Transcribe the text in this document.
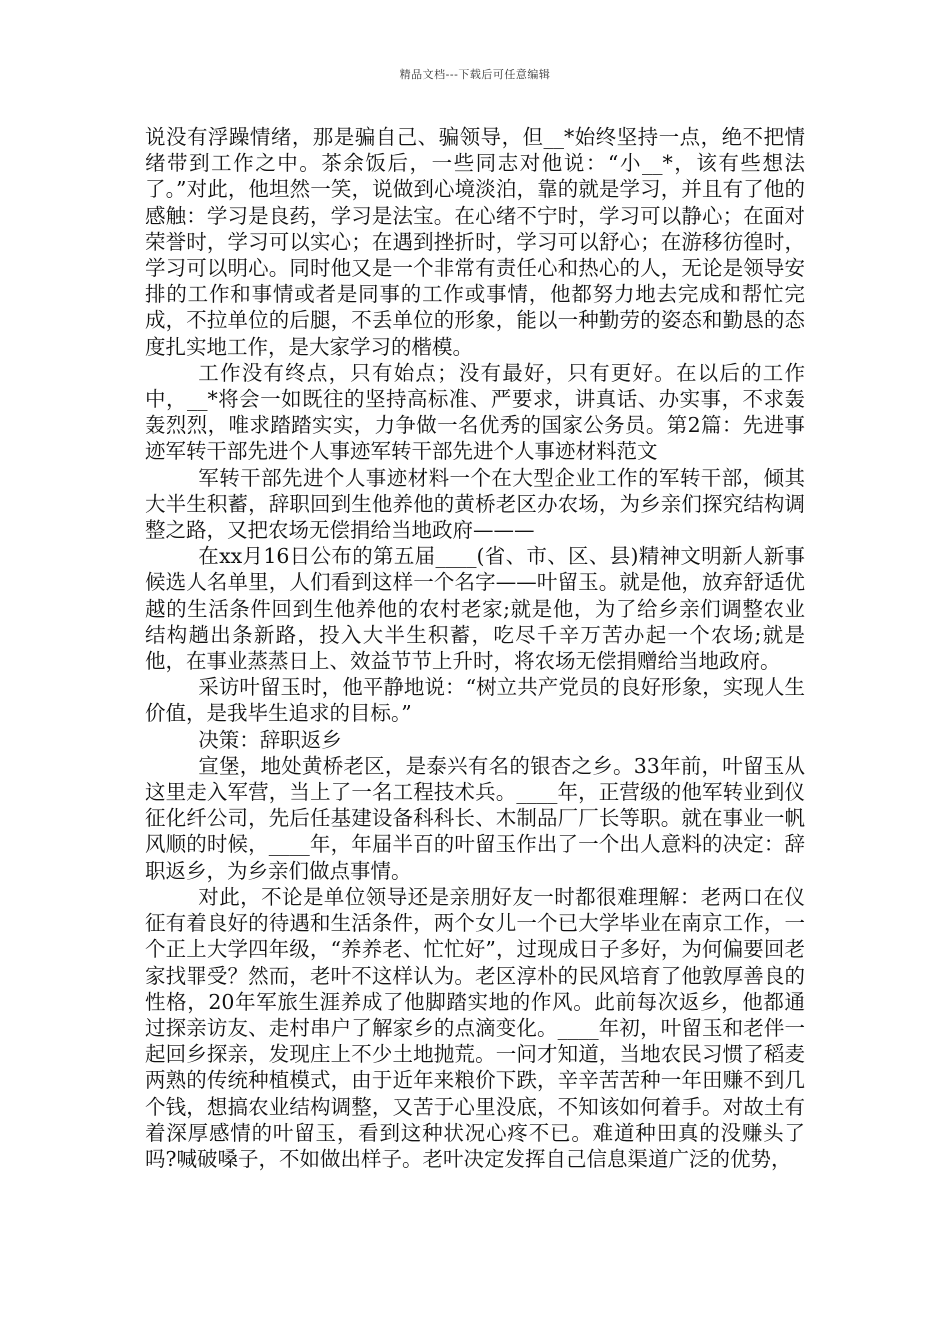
精品文档---下载后可任意编辑

说没有浮躁情绪，那是骗自己、骗领导，但__*始终坚持一点，绝不把情绪带到工作之中。茶余饭后，一些同志对他说：“小__*，该有些想法了。”对此，他坦然一笑，说做到心境淡泊，靠的就是学习，并且有了他的感触：学习是良药，学习是法宝。在心绪不宁时，学习可以静心；在面对荣誉时，学习可以实心；在遇到挫折时，学习可以舒心；在游移彷徨时，学习可以明心。同时他又是一个非常有责任心和热心的人，无论是领导安排的工作和事情或者是同事的工作或事情，他都努力地去完成和帮忙完成，不拉单位的后腿，不丢单位的形象，能以一种勤劳的姿态和勤恳的态度扎实地工作，是大家学习的楷模。

工作没有终点，只有始点；没有最好，只有更好。在以后的工作中，__*将会一如既往的坚持高标准、严要求，讲真话、办实事，不求轰轰烈烈，唯求踏踏实实，力争做一名优秀的国家公务员。第2篇：先进事迹军转干部先进个人事迹军转干部先进个人事迹材料范文

军转干部先进个人事迹材料一个在大型企业工作的军转干部，倾其大半生积蓄，辞职回到生他养他的黄桥老区办农场，为乡亲们探究结构调整之路，又把农场无偿捐给当地政府———

在xx月16日公布的第五届____(省、市、区、县)精神文明新人新事候选人名单里，人们看到这样一个名字——叶留玉。就是他，放弃舒适优越的生活条件回到生他养他的农村老家;就是他，为了给乡亲们调整农业结构趟出条新路，投入大半生积蓄，吃尽千辛万苦办起一个农场;就是他，在事业蒸蒸日上、效益节节上升时，将农场无偿捐赠给当地政府。

采访叶留玉时，他平静地说：“树立共产党员的良好形象，实现人生价值，是我毕生追求的目标。”

决策：辞职返乡

宣堡，地处黄桥老区，是泰兴有名的银杏之乡。33年前，叶留玉从这里走入军营，当上了一名工程技术兵。____年，正营级的他军转业到仪征化纤公司，先后任基建设备科科长、木制品厂厂长等职。就在事业一帆风顺的时候，____年，年届半百的叶留玉作出了一个出人意料的决定：辞职返乡，为乡亲们做点事情。

对此，不论是单位领导还是亲朋好友一时都很难理解：老两口在仪征有着良好的待遇和生活条件，两个女儿一个已大学毕业在南京工作，一个正上大学四年级，“养养老、忙忙好”，过现成日子多好，为何偏要回老家找罪受？然而，老叶不这样认为。老区淳朴的民风培育了他敦厚善良的性格，20年军旅生涯养成了他脚踏实地的作风。此前每次返乡，他都通过探亲访友、走村串户了解家乡的点滴变化。____年初，叶留玉和老伴一起回乡探亲，发现庄上不少土地抛荒。一问才知道，当地农民习惯了稻麦两熟的传统种植模式，由于近年来粮价下跌，辛辛苦苦种一年田赚不到几个钱，想搞农业结构调整，又苦于心里没底，不知该如何着手。对故土有着深厚感情的叶留玉，看到这种状况心疼不已。难道种田真的没赚头了吗?喊破嗓子，不如做出样子。老叶决定发挥自己信息渠道广泛的优势，
